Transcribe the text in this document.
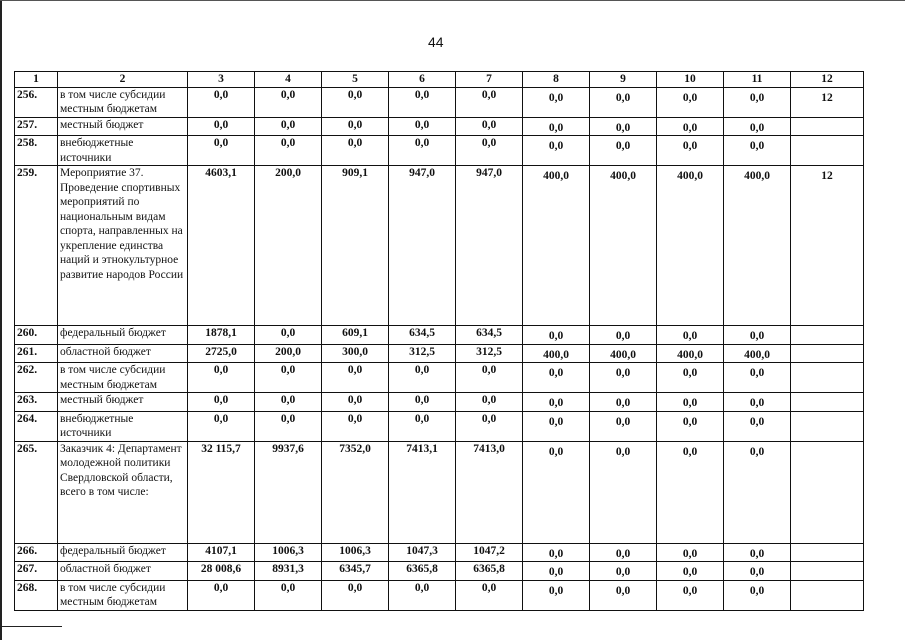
44
1	2	3	4	5	6	7	8	9	10	11	12
256.	в том числе субсидии местным бюджетам	0,0	0,0	0,0	0,0	0,0	0,0	0,0	0,0	0,0	12

257.	местный бюджет	0,0	0,0	0,0	0,0	0,0	0,0	0,0	0,0	0,0	

258.	внебюджетные источники	0,0	0,0	0,0	0,0	0,0	0,0	0,0	0,0	0,0	

259.	Мероприятие 37. Проведение спортивных мероприятий по национальным видам спорта, направленных на укрепление единства наций и этнокультурное развитие народов России	4603,1	200,0	909,1	947,0	947,0	400,0	400,0	400,0	400,0	12

260.	федеральный бюджет	1878,1	0,0	609,1	634,5	634,5	0,0	0,0	0,0	0,0	

261.	областной бюджет	2725,0	200,0	300,0	312,5	312,5	400,0	400,0	400,0	400,0	

262.	в том числе субсидии местным бюджетам	0,0	0,0	0,0	0,0	0,0	0,0	0,0	0,0	0,0	

263.	местный бюджет	0,0	0,0	0,0	0,0	0,0	0,0	0,0	0,0	0,0	

264.	внебюджетные источники	0,0	0,0	0,0	0,0	0,0	0,0	0,0	0,0	0,0	

265.	Заказчик 4: Департамент молодежной политики Свердловской области, всего в том числе:	32 115,7	9937,6	7352,0	7413,1	7413,0	0,0	0,0	0,0	0,0	

266.	федеральный бюджет	4107,1	1006,3	1006,3	1047,3	1047,2	0,0	0,0	0,0	0,0	

267.	областной бюджет	28 008,6	8931,3	6345,7	6365,8	6365,8	0,0	0,0	0,0	0,0	

268.	в том числе субсидии местным бюджетам	0,0	0,0	0,0	0,0	0,0	0,0	0,0	0,0	0,0	
